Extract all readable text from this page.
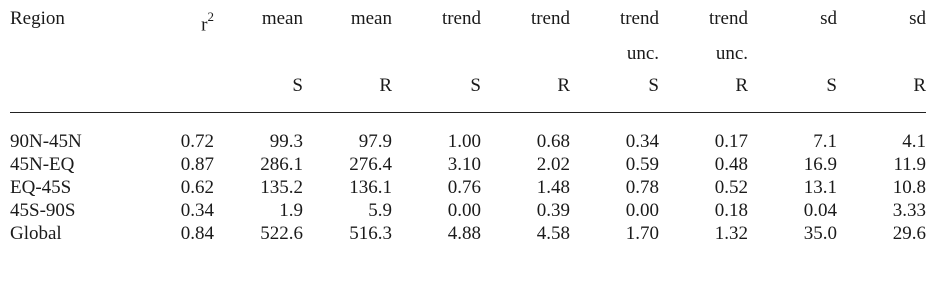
Region	$r^2$	mean	mean	trend	trend	trend	trend	sd	sd

						unc.	unc.		

		S	R	S	R	S	R	S	R

90N-45N	0.72	99.3	97.9	1.00	0.68	0.34	0.17	7.1	4.1
45N-EQ	0.87	286.1	276.4	3.10	2.02	0.59	0.48	16.9	11.9
EQ-45S	0.62	135.2	136.1	0.76	1.48	0.78	0.52	13.1	10.8
45S-90S	0.34	1.9	5.9	0.00	0.39	0.00	0.18	0.04	3.33
Global	0.84	522.6	516.3	4.88	4.58	1.70	1.32	35.0	29.6
